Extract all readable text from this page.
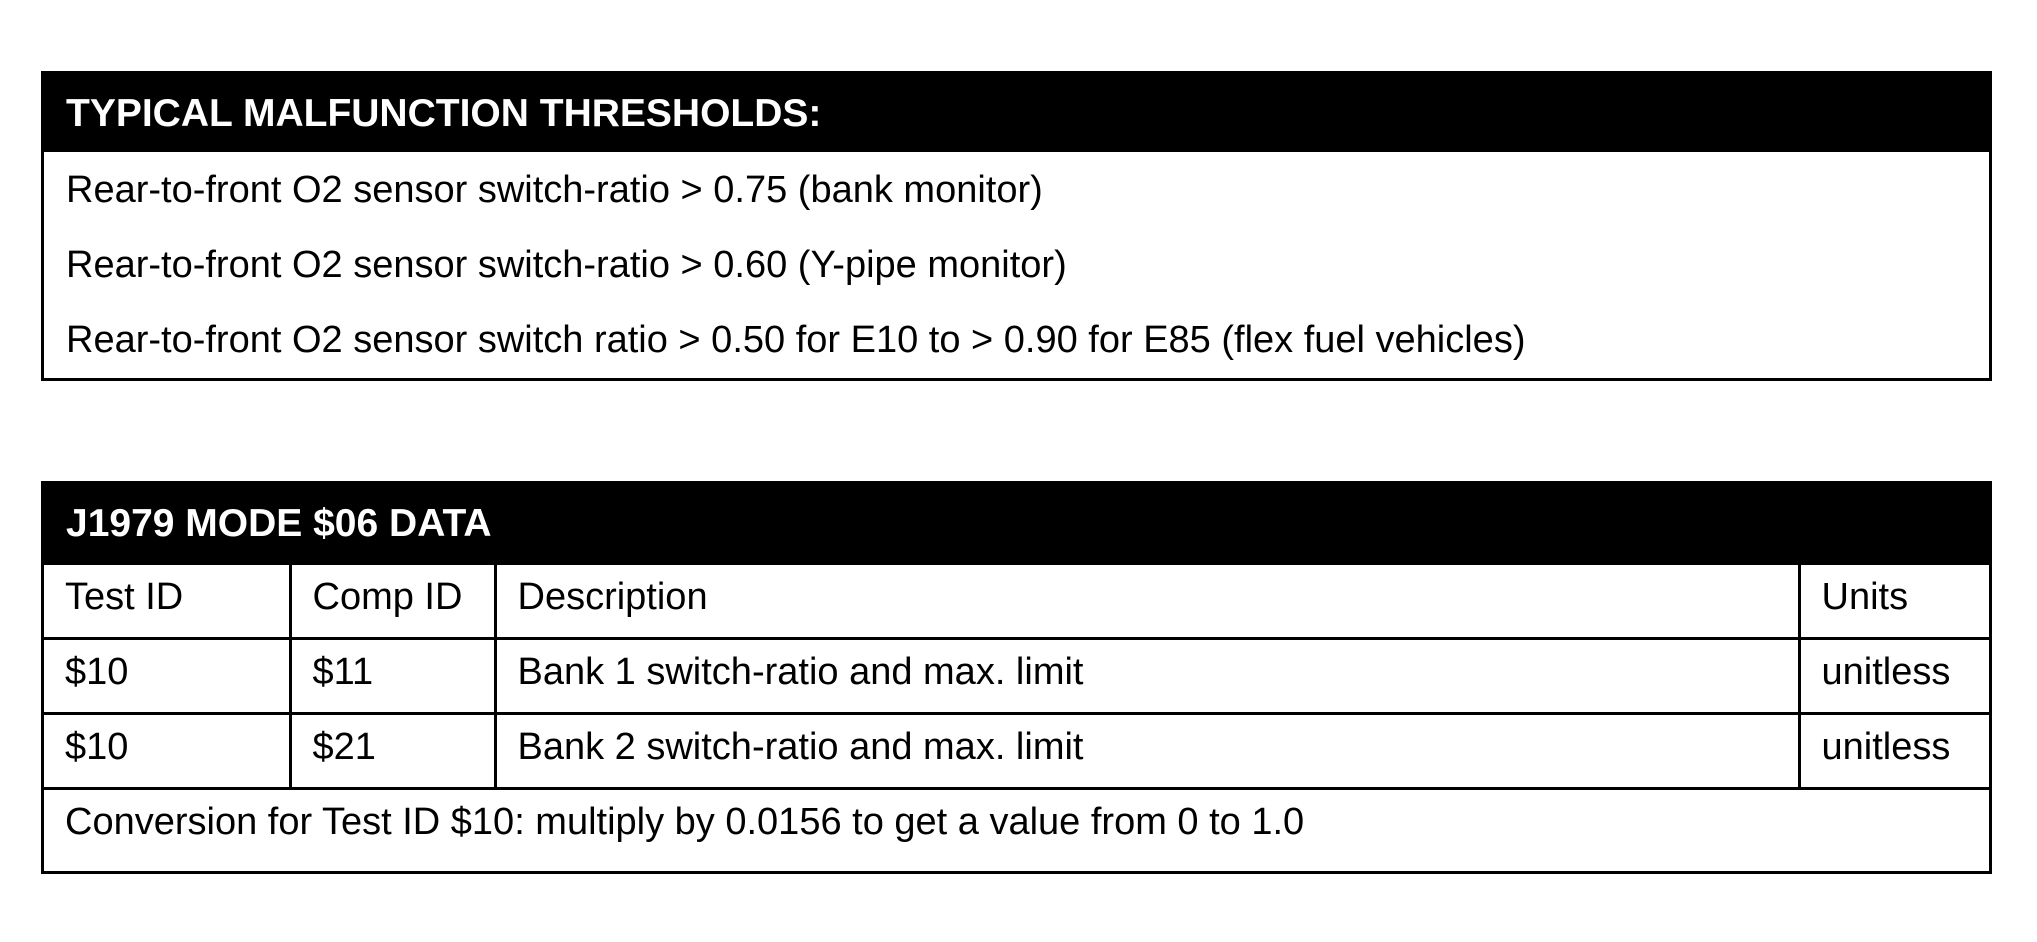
TYPICAL MALFUNCTION THRESHOLDS:
Rear-to-front O2 sensor switch-ratio > 0.75 (bank monitor)
Rear-to-front O2 sensor switch-ratio > 0.60 (Y-pipe monitor)
Rear-to-front O2 sensor switch ratio > 0.50 for E10 to > 0.90 for E85 (flex fuel vehicles)
J1979 MODE $06 DATA
Test ID	Comp ID	Description	Units
$10	$11	Bank 1 switch-ratio and max. limit	unitless
$10	$21	Bank 2 switch-ratio and max. limit	unitless
Conversion for Test ID $10: multiply by 0.0156 to get a value from 0 to 1.0			
